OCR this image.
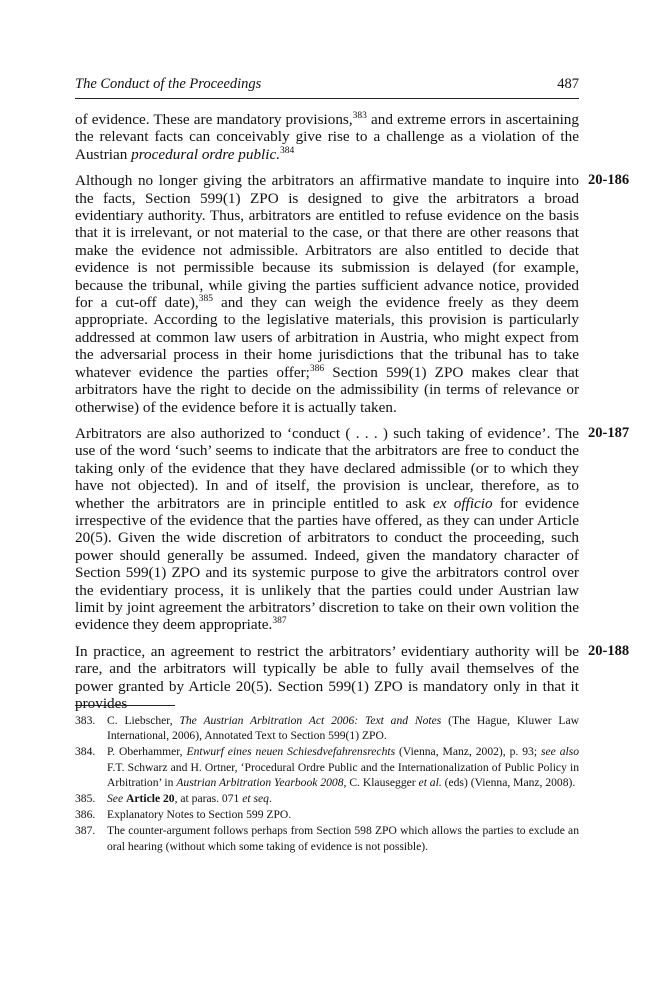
The Conduct of the Proceedings	487

of evidence. These are mandatory provisions,$^{383}$ and extreme errors in ascertaining the relevant facts can conceivably give rise to a challenge as a violation of the Austrian procedural ordre public.$^{384}$

20-186
Although no longer giving the arbitrators an affirmative mandate to inquire into the facts, Section 599(1) ZPO is designed to give the arbitrators a broad evidentiary authority. Thus, arbitrators are entitled to refuse evidence on the basis that it is irrelevant, or not material to the case, or that there are other reasons that make the evidence not admissible. Arbitrators are also entitled to decide that evidence is not permissible because its submission is delayed (for example, because the tribunal, while giving the parties sufficient advance notice, provided for a cut-off date),$^{385}$ and they can weigh the evidence freely as they deem appropriate. According to the legislative materials, this provision is particularly addressed at common law users of arbitration in Austria, who might expect from the adversarial process in their home jurisdictions that the tribunal has to take whatever evidence the parties offer;$^{386}$ Section 599(1) ZPO makes clear that arbitrators have the right to decide on the admissibility (in terms of relevance or otherwise) of the evidence before it is actually taken.

20-187
Arbitrators are also authorized to ‘conduct ( . . . ) such taking of evidence’. The use of the word ‘such’ seems to indicate that the arbitrators are free to conduct the taking only of the evidence that they have declared admissible (or to which they have not objected). In and of itself, the provision is unclear, therefore, as to whether the arbitrators are in principle entitled to ask ex officio for evidence irrespective of the evidence that the parties have offered, as they can under Article 20(5). Given the wide discretion of arbitrators to conduct the proceeding, such power should generally be assumed. Indeed, given the mandatory character of Section 599(1) ZPO and its systemic purpose to give the arbitrators control over the evidentiary process, it is unlikely that the parties could under Austrian law limit by joint agreement the arbitrators’ discretion to take on their own volition the evidence they deem appropriate.$^{387}$

20-188
In practice, an agreement to restrict the arbitrators’ evidentiary authority will be rare, and the arbitrators will typically be able to fully avail themselves of the power granted by Article 20(5). Section 599(1) ZPO is mandatory only in that it provides

383.	C. Liebscher, The Austrian Arbitration Act 2006: Text and Notes (The Hague, Kluwer Law International, 2006), Annotated Text to Section 599(1) ZPO.
384.	P. Oberhammer, Entwurf eines neuen Schiesdvefahrensrechts (Vienna, Manz, 2002), p. 93; see also F.T. Schwarz and H. Ortner, ‘Procedural Ordre Public and the Internationalization of Public Policy in Arbitration’ in Austrian Arbitration Yearbook 2008, C. Klausegger et al. (eds) (Vienna, Manz, 2008).
385.	See Article 20, at paras. 071 et seq.
386.	Explanatory Notes to Section 599 ZPO.
387.	The counter-argument follows perhaps from Section 598 ZPO which allows the parties to exclude an oral hearing (without which some taking of evidence is not possible).
